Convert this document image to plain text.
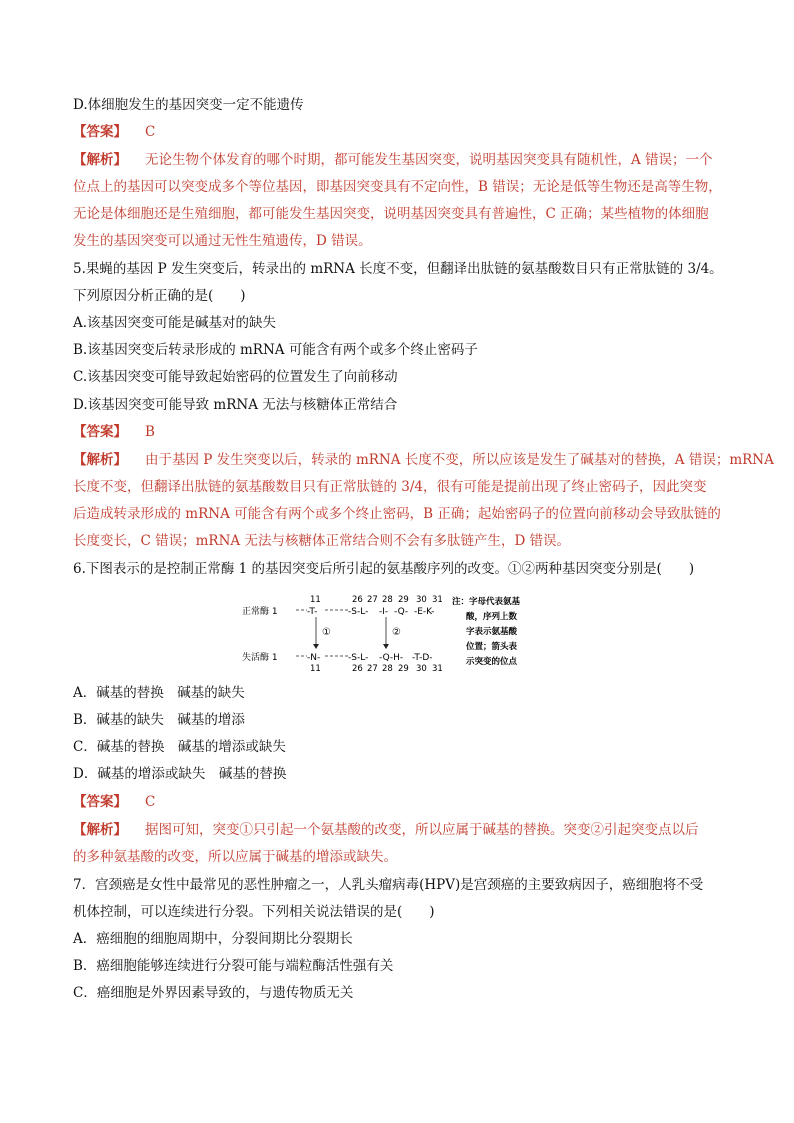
D.体细胞发生的基因突变一定不能遗传
【答案】 C
【解析】 无论生物个体发育的哪个时期，都可能发生基因突变，说明基因突变具有随机性，A 错误；一个
位点上的基因可以突变成多个等位基因，即基因突变具有不定向性，B 错误；无论是低等生物还是高等生物，
无论是体细胞还是生殖细胞，都可能发生基因突变，说明基因突变具有普遍性，C 正确；某些植物的体细胞
发生的基因突变可以通过无性生殖遗传，D 错误。
5.果蝇的基因 P 发生突变后，转录出的 mRNA 长度不变，但翻译出肽链的氨基酸数目只有正常肽链的 3/4。
下列原因分析正确的是(　　)
A.该基因突变可能是碱基对的缺失
B.该基因突变后转录形成的 mRNA 可能含有两个或多个终止密码子
C.该基因突变可能导致起始密码的位置发生了向前移动
D.该基因突变可能导致 mRNA 无法与核糖体正常结合
【答案】 B
【解析】 由于基因 P 发生突变以后，转录的 mRNA 长度不变，所以应该是发生了碱基对的替换，A 错误；mRNA
长度不变，但翻译出肽链的氨基酸数目只有正常肽链的 3/4，很有可能是提前出现了终止密码子，因此突变
后造成转录形成的 mRNA 可能含有两个或多个终止密码，B 正确；起始密码子的位置向前移动会导致肽链的
长度变长，C 错误；mRNA 无法与核糖体正常结合则不会有多肽链产生，D 错误。
6.下图表示的是控制正常酶 1 的基因突变后所引起的氨基酸序列的改变。①②两种基因突变分别是(　　)
11	26 27 28 29 30 31
正常酶 1	-T-	-S-L- -I- -Q- -E-K-
①	②
失活酶 1	-N-	-S-L- -Q-H- -T-D-
11	26 27 28 29 30 31
注：字母代表氨基
酸，序列上数
字表示氨基酸
位置；箭头表
示突变的位点
A．碱基的替换　碱基的缺失
B．碱基的缺失　碱基的增添
C．碱基的替换　碱基的增添或缺失
D．碱基的增添或缺失　碱基的替换
【答案】 C
【解析】 据图可知，突变①只引起一个氨基酸的改变，所以应属于碱基的替换。突变②引起突变点以后
的多种氨基酸的改变，所以应属于碱基的增添或缺失。
7．宫颈癌是女性中最常见的恶性肿瘤之一，人乳头瘤病毒(HPV)是宫颈癌的主要致病因子，癌细胞将不受
机体控制，可以连续进行分裂。下列相关说法错误的是(　　)
A．癌细胞的细胞周期中，分裂间期比分裂期长
B．癌细胞能够连续进行分裂可能与端粒酶活性强有关
C．癌细胞是外界因素导致的，与遗传物质无关
